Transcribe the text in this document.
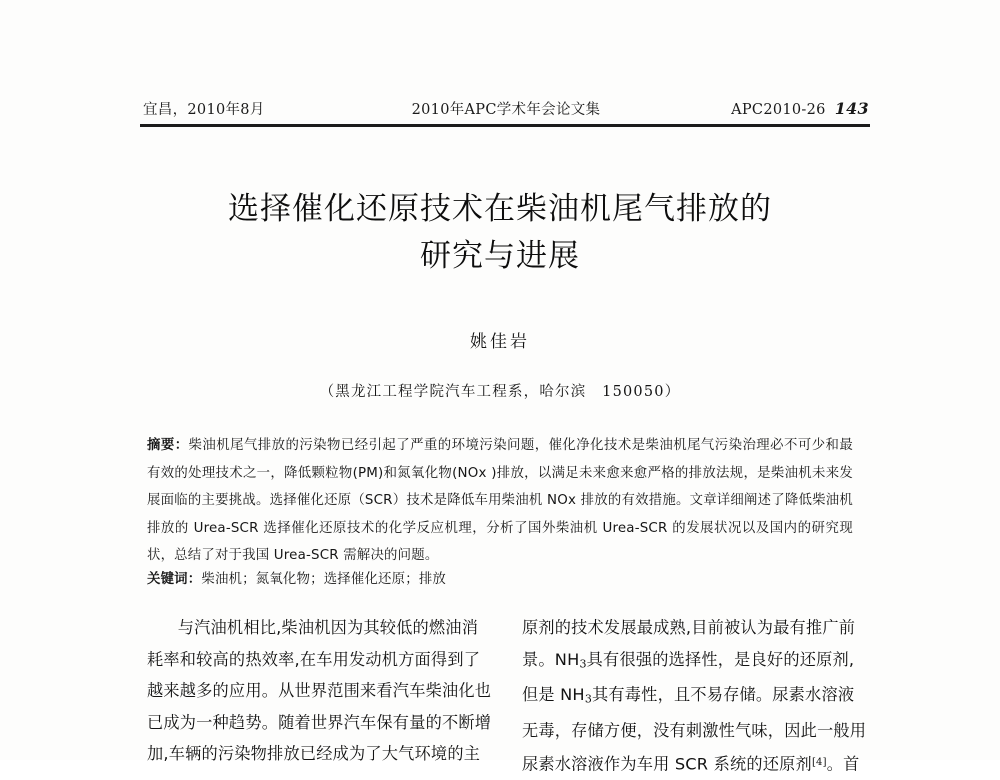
宜昌，2010年8月	2010年APC学术年会论文集	APC2010-26 143
选择催化还原技术在柴油机尾气排放的
研究与进展
姚佳岩
（黑龙江工程学院汽车工程系，哈尔滨　150050）
摘要：柴油机尾气排放的污染物已经引起了严重的环境污染问题，催化净化技术是柴油机尾气污染治理必不可少和最有效的处理技术之一，降低颗粒物(PM)和氮氧化物(NOx )排放，以满足未来愈来愈严格的排放法规，是柴油机未来发展面临的主要挑战。选择催化还原（SCR）技术是降低车用柴油机 NOx 排放的有效措施。文章详细阐述了降低柴油机排放的 Urea-SCR 选择催化还原技术的化学反应机理，分析了国外柴油机 Urea-SCR 的发展状况以及国内的研究现状，总结了对于我国 Urea-SCR 需解决的问题。
关键词：柴油机；氮氧化物；选择催化还原；排放

与汽油机相比,柴油机因为其较低的燃油消
耗率和较高的热效率,在车用发动机方面得到了
越来越多的应用。从世界范围来看汽车柴油化也
已成为一种趋势。随着世界汽车保有量的不断增
加,车辆的污染物排放已经成为了大气环境的主

原剂的技术发展最成熟,目前被认为最有推广前
景。$NH_3$具有很强的选择性，是良好的还原剂,
但是 $NH_3$其有毒性，且不易存储。尿素水溶液
无毒，存储方便，没有刺激性气味，因此一般用
尿素水溶液作为车用 SCR 系统的还原剂[4]。首
